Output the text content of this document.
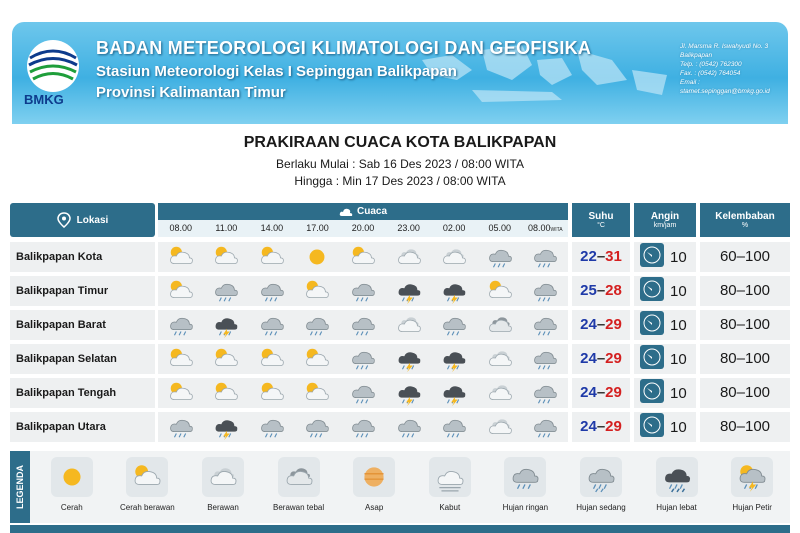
BMKG
BADAN METEOROLOGI KLIMATOLOGI DAN GEOFISIKA
Stasiun Meteorologi Kelas I Sepinggan Balikpapan
Provinsi Kalimantan Timur
Jl. Marsma R. Iswahyudi No. 3
Balikpapan
Telp. : (0542) 762300
Fax. : (0542) 764054
Email :
stamet.sepinggan@bmkg.go.id
PRAKIRAAN CUACA KOTA BALIKPAPAN
Berlaku Mulai : Sab 16 Des 2023 / 08:00 WITA
Hingga : Min 17 Des 2023 / 08:00 WITA
Lokasi
Cuaca
08.00	11.00	14.00	17.00	20.00	23.00	02.00	05.00	08.00WITA
Suhu
°C
Angin
km/jam
Kelembaban
%
Balikpapan Kota	22–31	10	60–100
Balikpapan Timur	25–28	10	80–100
Balikpapan Barat	24–29	10	80–100
Balikpapan Selatan	24–29	10	80–100
Balikpapan Tengah	24–29	10	80–100
Balikpapan Utara	24–29	10	80–100
LEGENDA	Cerah	Cerah berawan	Berawan	Berawan tebal	Asap	Kabut	Hujan ringan	Hujan sedang	Hujan lebat	Hujan Petir
